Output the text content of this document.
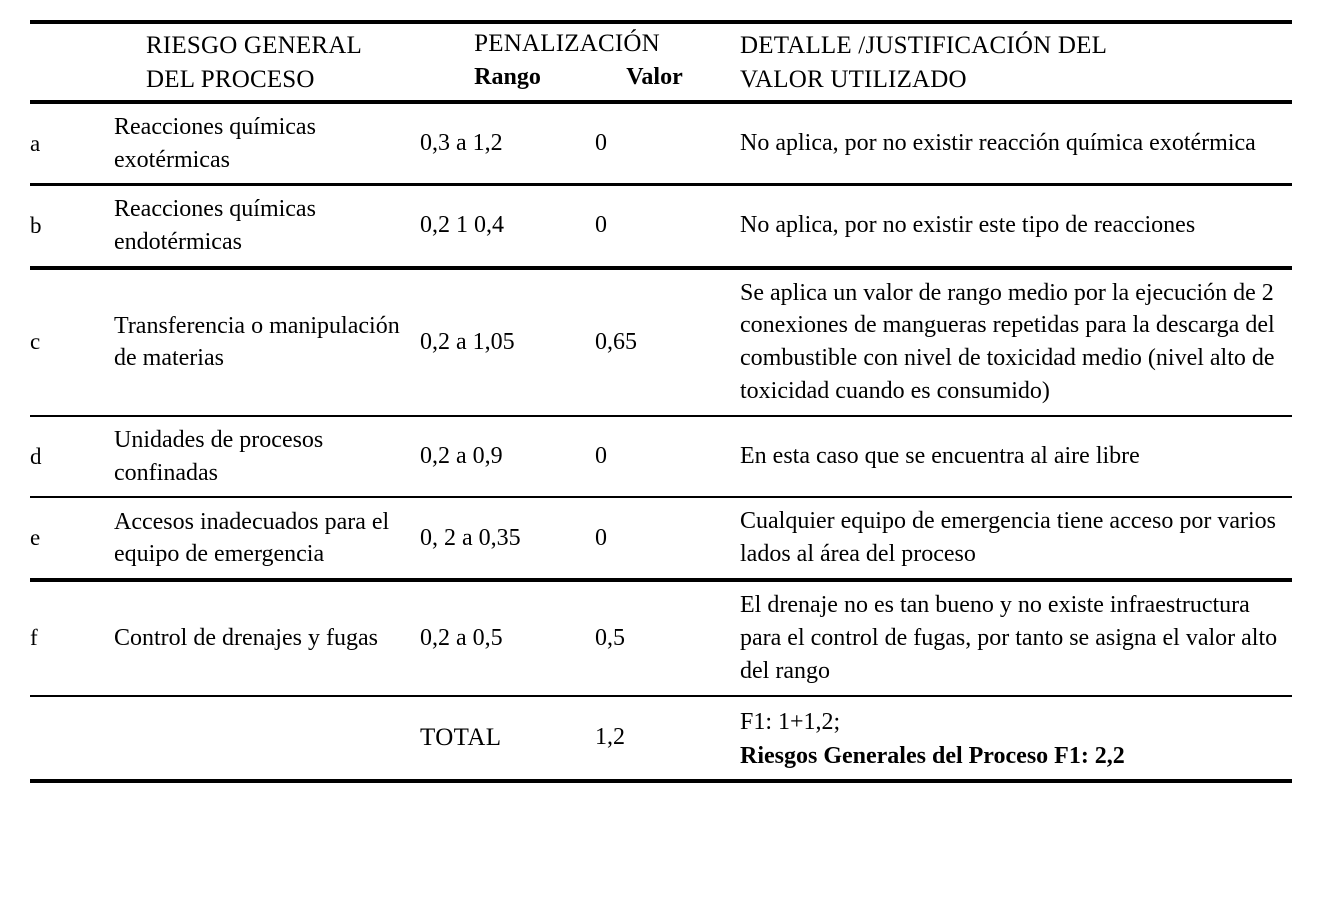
RIESGO GENERAL
DEL PROCESO

PENALIZACIÓN
Rango	Valor

DETALLE /JUSTIFICACIÓN DEL
VALOR UTILIZADO

a	Reacciones químicas exotérmicas	0,3 a 1,2	0	No aplica, por no existir reacción química exotérmica
b	Reacciones químicas endotérmicas	0,2 1 0,4	0	No aplica, por no existir este tipo de reacciones
c	Transferencia o manipulación de materias	0,2 a 1,05	0,65	Se aplica un valor de rango medio por la ejecución de 2 conexiones de mangueras repetidas para la descarga del combustible con nivel de toxicidad medio (nivel alto de toxicidad cuando es consumido)
d	Unidades de procesos confinadas	0,2 a 0,9	0	En esta caso que se encuentra al aire libre
e	Accesos inadecuados para el equipo de emergencia	0, 2 a 0,35	0	Cualquier equipo de emergencia tiene acceso por varios lados al área del proceso
f	Control de drenajes y fugas	0,2 a 0,5	0,5	El drenaje no es tan bueno y no existe infraestructura para el control de fugas, por tanto se asigna el valor alto del rango
		TOTAL	1,2	F1: 1+1,2;
Riesgos Generales del Proceso F1: 2,2
